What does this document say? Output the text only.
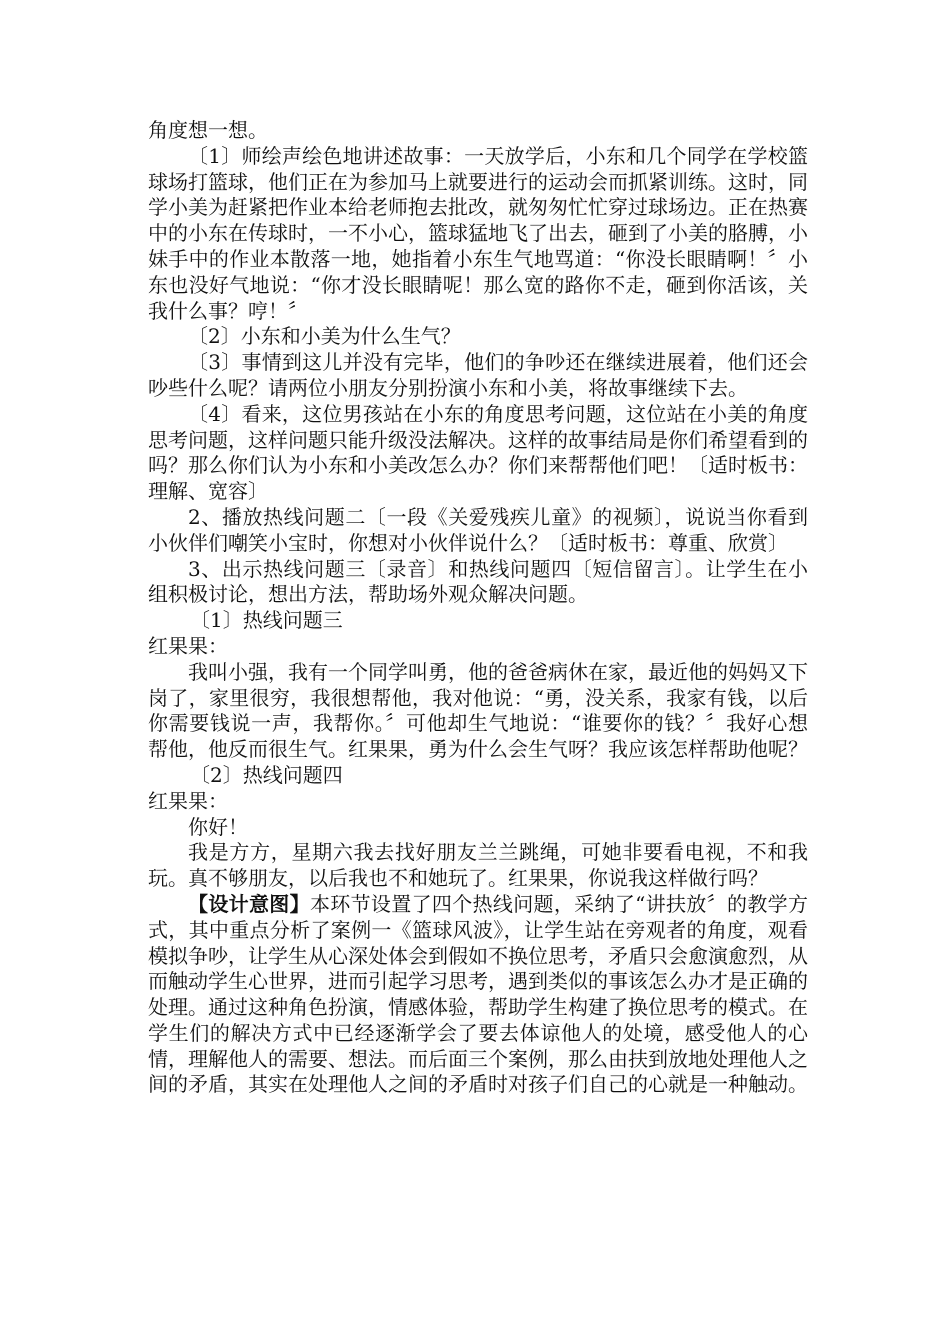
角度想一想。

〔1〕师绘声绘色地讲述故事：一天放学后，小东和几个同学在学校篮球场打篮球，他们正在为参加马上就要进行的运动会而抓紧训练。这时，同学小美为赶紧把作业本给老师抱去批改，就匆匆忙忙穿过球场边。正在热赛中的小东在传球时，一不小心，篮球猛地飞了出去，砸到了小美的胳膊，小妹手中的作业本散落一地，她指着小东生气地骂道：“你没长眼睛啊！〞小东也没好气地说：“你才没长眼睛呢！那么宽的路你不走，砸到你活该，关我什么事？哼！〞

〔2〕小东和小美为什么生气？

〔3〕事情到这儿并没有完毕，他们的争吵还在继续进展着，他们还会吵些什么呢？请两位小朋友分别扮演小东和小美，将故事继续下去。

〔4〕看来，这位男孩站在小东的角度思考问题，这位站在小美的角度思考问题，这样问题只能升级没法解决。这样的故事结局是你们希望看到的吗？那么你们认为小东和小美改怎么办？你们来帮帮他们吧！〔适时板书：理解、宽容〕

2、播放热线问题二〔一段《关爱残疾儿童》的视频〕，说说当你看到小伙伴们嘲笑小宝时，你想对小伙伴说什么？〔适时板书：尊重、欣赏〕

3、出示热线问题三〔录音〕和热线问题四〔短信留言〕。让学生在小组积极讨论，想出方法，帮助场外观众解决问题。

〔1〕热线问题三

红果果：

我叫小强，我有一个同学叫勇，他的爸爸病休在家，最近他的妈妈又下岗了，家里很穷，我很想帮他，我对他说：“勇，没关系，我家有钱，以后你需要钱说一声，我帮你。〞可他却生气地说：“谁要你的钱？〞我好心想帮他，他反而很生气。红果果，勇为什么会生气呀？我应该怎样帮助他呢？

〔2〕热线问题四

红果果：

你好！

我是方方，星期六我去找好朋友兰兰跳绳，可她非要看电视，不和我玩。真不够朋友，以后我也不和她玩了。红果果，你说我这样做行吗？

【设计意图】本环节设置了四个热线问题，采纳了“讲扶放〞的教学方式，其中重点分析了案例一《篮球风波》，让学生站在旁观者的角度，观看模拟争吵，让学生从心深处体会到假如不换位思考，矛盾只会愈演愈烈，从而触动学生心世界，进而引起学习思考，遇到类似的事该怎么办才是正确的处理。通过这种角色扮演，情感体验，帮助学生构建了换位思考的模式。在学生们的解决方式中已经逐渐学会了要去体谅他人的处境，感受他人的心情，理解他人的需要、想法。而后面三个案例，那么由扶到放地处理他人之间的矛盾，其实在处理他人之间的矛盾时对孩子们自己的心就是一种触动。
